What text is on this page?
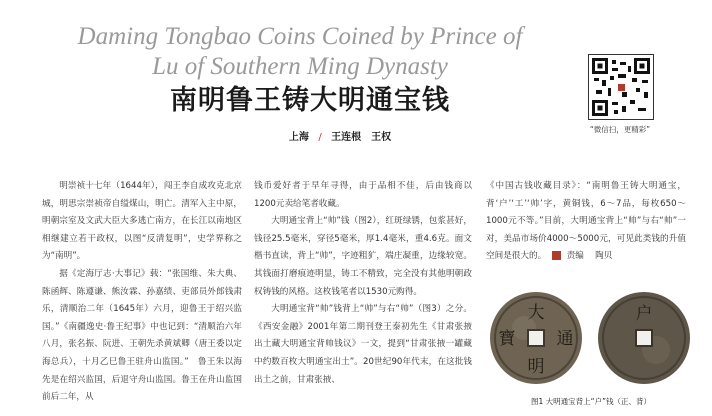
Daming Tongbao Coins Coined by Prince of
Lu of Southern Ming Dynasty
南明鲁王铸大明通宝钱
上海 / 王连根　王权
“微信扫，更精彩”

明崇祯十七年（1644年），闯王李自成攻克北京城，明思宗崇祯帝自缢煤山，明亡。清军入主中原，明朝宗室及文武大臣大多逃亡南方，在长江以南地区相继建立若干政权，以图“反清复明”，史学界称之为“南明”。

据《定海厅志·大事记》载：“张国维、朱大典、陈函辉、陈遵谦、熊汝霖、孙嘉绩、吏部员外郎钱肃乐，清顺治二年（1645年）六月，迎鲁王于绍兴监国。”《南疆逸史·鲁王纪事》中也记到：“清顺治六年八月，张名振、阮进、王朝先杀黄斌卿（唐王委以定海总兵），十月乙巳鲁王驻舟山监国。”　鲁王朱以海先是在绍兴监国，后退守舟山监国。鲁王在舟山监国前后二年，从

钱币爱好者于早年寻得，由于品相不佳，后由钱商以1200元卖给笔者收藏。

大明通宝背上“帅”钱（图2），红斑绿锈，包浆甚好，钱径25.5毫米，穿径5毫米，厚1.4毫米，重4.6克。面文楷书直读，背上“帅”，字迹粗犷，端庄凝重，边缘较宽。其钱面打磨痕迹明显，铸工不精致，完全没有其他明朝政权铸钱的风格。这枚钱笔者以1530元购得。

大明通宝背“帅”钱背上“帅”与右“帅”（图3）之分。《西安金融》2001年第二期刊登王泰初先生《甘肃张掖出土藏大明通宝背帅钱议》一文，提到“甘肃张掖一罐藏中约数百枚大明通宝出土”。20世纪90年代末，在这批钱出土之前，甘肃张掖、

《中国古钱收藏目录》：“南明鲁王铸大明通宝，背‘户’‘工’‘帅’字，黄铜钱，6～7品，每枚650～1000元不等。”目前，大明通宝背上“帅”与右“帅”一对，美品市场价4000～5000元，可见此类钱的升值空间是很大的。 责编　 陶贝

大
明
通
寶
户
图1 大明通宝背上“户”钱（正、背）
